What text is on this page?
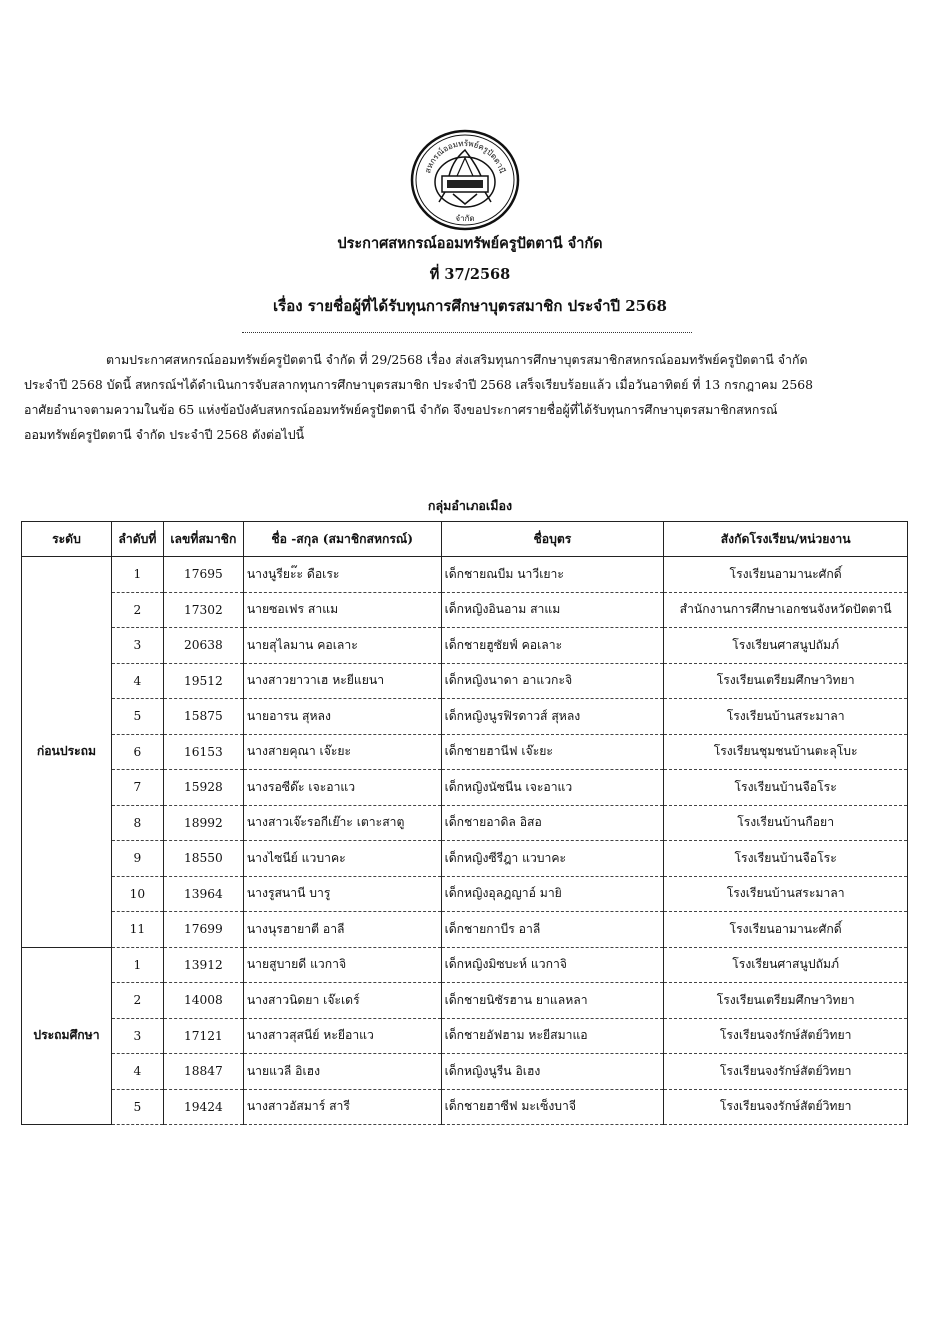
สหกรณ์ออมทรัพย์ครูปัตตานี
จำกัด
ประกาศสหกรณ์ออมทรัพย์ครูปัตตานี จำกัด
ที่ 37/2568
เรื่อง รายชื่อผู้ที่ได้รับทุนการศึกษาบุตรสมาชิก ประจำปี 2568
ตามประกาศสหกรณ์ออมทรัพย์ครูปัตตานี จำกัด ที่ 29/2568 เรื่อง ส่งเสริมทุนการศึกษาบุตรสมาชิกสหกรณ์ออมทรัพย์ครูปัตตานี จำกัด
ประจำปี 2568 บัดนี้ สหกรณ์ฯได้ดำเนินการจับสลากทุนการศึกษาบุตรสมาชิก ประจำปี 2568 เสร็จเรียบร้อยแล้ว เมื่อวันอาทิตย์ ที่ 13 กรกฎาคม 2568
อาศัยอำนาจตามความในข้อ 65 แห่งข้อบังคับสหกรณ์ออมทรัพย์ครูปัตตานี จำกัด จึงขอประกาศรายชื่อผู้ที่ได้รับทุนการศึกษาบุตรสมาชิกสหกรณ์
ออมทรัพย์ครูปัตตานี จำกัด ประจำปี 2568 ดังต่อไปนี้
กลุ่มอำเภอเมือง
ระดับ	ลำดับที่	เลขที่สมาชิก	ชื่อ -สกุล (สมาชิกสหกรณ์)	ชื่อบุตร	สังกัดโรงเรียน/หน่วยงาน
ก่อนประถม	1	17695	นางนูรียะ๊ะ ดือเระ	เด็กชายณบีม นาวีเยาะ	โรงเรียนอามานะศักดิ์
	2	17302	นายซอเฟร สาแม	เด็กหญิงอินอาม สาแม	สำนักงานการศึกษาเอกชนจังหวัดปัตตานี
	3	20638	นายสุไลมาน คอเลาะ	เด็กชายฮูซัยฟ์ คอเลาะ	โรงเรียนศาสนูปถัมภ์
	4	19512	นางสาวยาวาเฮ หะยีแยนา	เด็กหญิงนาดา อาแวกะจิ	โรงเรียนเตรียมศึกษาวิทยา
	5	15875	นายอารน สุหลง	เด็กหญิงนูรฟิรดาวส์ สุหลง	โรงเรียนบ้านสระมาลา
	6	16153	นางสายคุณา เจ๊ะยะ	เด็กชายฮานีฟ เจ๊ะยะ	โรงเรียนชุมชนบ้านตะลุโบะ
	7	15928	นางรอซีด๊ะ เจะอาแว	เด็กหญิงนัซนีน เจะอาแว	โรงเรียนบ้านจือโระ
	8	18992	นางสาวเจ๊ะรอกีเย๊าะ เตาะสาตู	เด็กชายอาดิล อิสอ	โรงเรียนบ้านกือยา
	9	18550	นางไซนีย์ แวบาคะ	เด็กหญิงซีรีฎา แวบาคะ	โรงเรียนบ้านจือโระ
	10	13964	นางรูสนานี บารู	เด็กหญิงอุลฎญาอ์ มายิ	โรงเรียนบ้านสระมาลา
	11	17699	นางนุรฮายาตี อาลี	เด็กชายกาบีร อาลี	โรงเรียนอามานะศักดิ์
ประถมศึกษา	1	13912	นายสูบายดี แวกาจิ	เด็กหญิงมิซบะห์ แวกาจิ	โรงเรียนศาสนูปถัมภ์
	2	14008	นางสาวนิดยา เจ๊ะเดร์	เด็กชายนิซัรฮาน ยาแลหลา	โรงเรียนเตรียมศึกษาวิทยา
	3	17121	นางสาวสุสนีย์ หะยีอาแว	เด็กชายอัฟฮาม หะยีสมาแอ	โรงเรียนจงรักษ์สัตย์วิทยา
	4	18847	นายแวลี อิเฮง	เด็กหญิงนูรีน อิเฮง	โรงเรียนจงรักษ์สัตย์วิทยา
	5	19424	นางสาวอัสมาร์ สารี	เด็กชายฮาซีฟ มะเซ็งบาจี	โรงเรียนจงรักษ์สัตย์วิทยา
